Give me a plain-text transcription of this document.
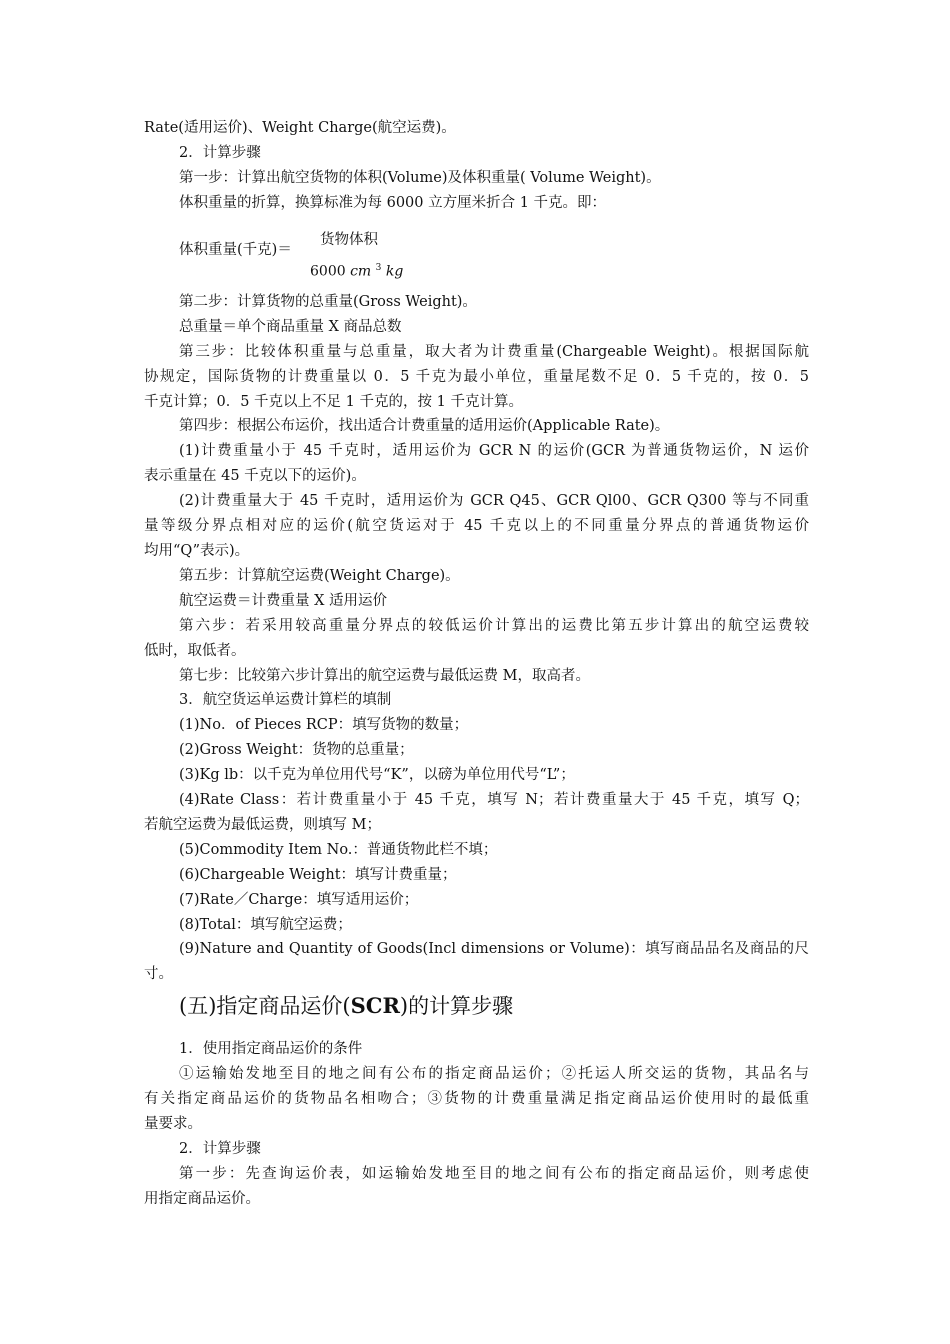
Rate(适用运价)、Weight Charge(航空运费)。
2．计算步骤
第一步：计算出航空货物的体积(Volume)及体积重量( Volume Weight)。
体积重量的折算，换算标准为每 6000 立方厘米折合 1 千克。即：
体积重量(千克)＝
货物体积
6000 cm $^3$ kg
第二步：计算货物的总重量(Gross Weight)。
总重量＝单个商品重量 X 商品总数
第三步：比较体积重量与总重量，取大者为计费重量(Chargeable Weight)。根据国际航
协规定，国际货物的计费重量以 0．5 千克为最小单位，重量尾数不足 0．5 千克的，按 0．5
千克计算；0．5 千克以上不足 1 千克的，按 1 千克计算。
第四步：根据公布运价，找出适合计费重量的适用运价(Applicable Rate)。
(1)计费重量小于 45 千克时，适用运价为 GCR N 的运价(GCR 为普通货物运价，N 运价
表示重量在 45 千克以下的运价)。
(2)计费重量大于 45 千克时，适用运价为 GCR Q45、GCR Ql00、GCR Q300 等与不同重
量等级分界点相对应的运价(航空货运对于 45 千克以上的不同重量分界点的普通货物运价
均用“Q”表示)。
第五步：计算航空运费(Weight Charge)。
航空运费＝计费重量 X 适用运价
第六步：若采用较高重量分界点的较低运价计算出的运费比第五步计算出的航空运费较
低时，取低者。
第七步：比较第六步计算出的航空运费与最低运费 M，取高者。
3．航空货运单运费计算栏的填制
(1)No．of Pieces RCP：填写货物的数量；
(2)Gross Weight：货物的总重量；
(3)Kg lb：以千克为单位用代号“K”，以磅为单位用代号“L”；
(4)Rate Class：若计费重量小于 45 千克，填写 N；若计费重量大于 45 千克，填写 Q；
若航空运费为最低运费，则填写 M；
(5)Commodity Item No.：普通货物此栏不填；
(6)Chargeable Weight：填写计费重量；
(7)Rate／Charge：填写适用运价；
(8)Total：填写航空运费；
(9)Nature and Quantity of Goods(Incl dimensions or Volume)：填写商品品名及商品的尺
寸。
(五)指定商品运价(SCR)的计算步骤
1．使用指定商品运价的条件
①运输始发地至目的地之间有公布的指定商品运价；②托运人所交运的货物，其品名与
有关指定商品运价的货物品名相吻合；③货物的计费重量满足指定商品运价使用时的最低重
量要求。
2．计算步骤
第一步：先查询运价表，如运输始发地至目的地之间有公布的指定商品运价，则考虑使
用指定商品运价。
